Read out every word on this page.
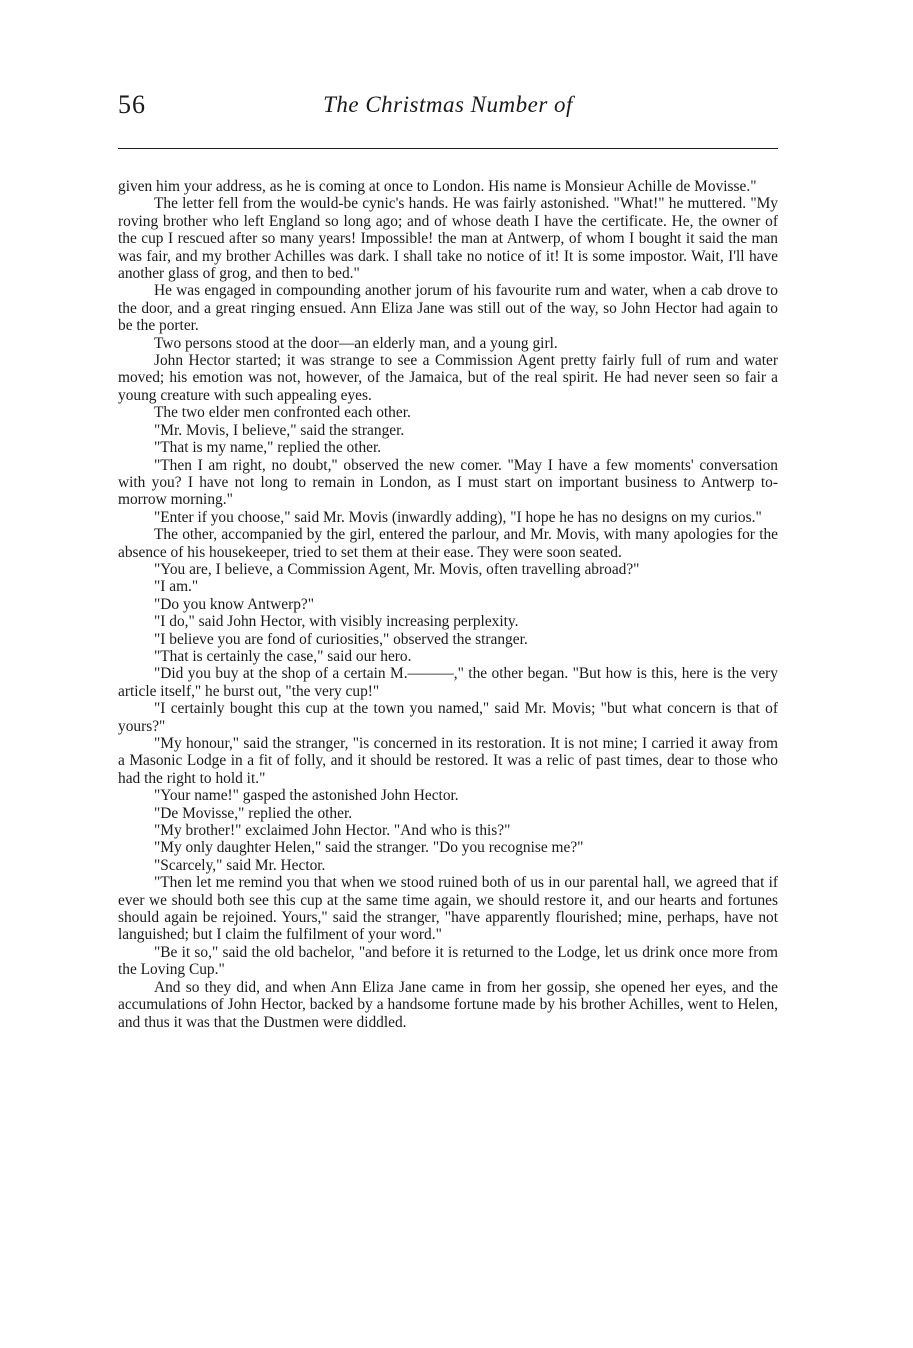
56	The Christmas Number of

given him your address, as he is coming at once to London. His name is Monsieur Achille de Movisse."

The letter fell from the would-be cynic's hands. He was fairly astonished. "What!" he muttered. "My roving brother who left England so long ago; and of whose death I have the certificate. He, the owner of the cup I rescued after so many years! Impossible! the man at Antwerp, of whom I bought it said the man was fair, and my brother Achilles was dark. I shall take no notice of it! It is some impostor. Wait, I'll have another glass of grog, and then to bed."

He was engaged in compounding another jorum of his favourite rum and water, when a cab drove to the door, and a great ringing ensued. Ann Eliza Jane was still out of the way, so John Hector had again to be the porter.

Two persons stood at the door—an elderly man, and a young girl.

John Hector started; it was strange to see a Commission Agent pretty fairly full of rum and water moved; his emotion was not, however, of the Jamaica, but of the real spirit. He had never seen so fair a young creature with such appealing eyes.

The two elder men confronted each other.

"Mr. Movis, I believe," said the stranger.

"That is my name," replied the other.

"Then I am right, no doubt," observed the new comer. "May I have a few moments' conversation with you? I have not long to remain in London, as I must start on important business to Antwerp to-morrow morning."

"Enter if you choose," said Mr. Movis (inwardly adding), "I hope he has no designs on my curios."

The other, accompanied by the girl, entered the parlour, and Mr. Movis, with many apologies for the absence of his housekeeper, tried to set them at their ease. They were soon seated.

"You are, I believe, a Commission Agent, Mr. Movis, often travelling abroad?"

"I am."

"Do you know Antwerp?"

"I do," said John Hector, with visibly increasing perplexity.

"I believe you are fond of curiosities," observed the stranger.

"That is certainly the case," said our hero.

"Did you buy at the shop of a certain M.———," the other began. "But how is this, here is the very article itself," he burst out, "the very cup!"

"I certainly bought this cup at the town you named," said Mr. Movis; "but what concern is that of yours?"

"My honour," said the stranger, "is concerned in its restoration. It is not mine; I carried it away from a Masonic Lodge in a fit of folly, and it should be restored. It was a relic of past times, dear to those who had the right to hold it."

"Your name!" gasped the astonished John Hector.

"De Movisse," replied the other.

"My brother!" exclaimed John Hector. "And who is this?"

"My only daughter Helen," said the stranger. "Do you recognise me?"

"Scarcely," said Mr. Hector.

"Then let me remind you that when we stood ruined both of us in our parental hall, we agreed that if ever we should both see this cup at the same time again, we should restore it, and our hearts and fortunes should again be rejoined. Yours," said the stranger, "have apparently flourished; mine, perhaps, have not languished; but I claim the fulfilment of your word."

"Be it so," said the old bachelor, "and before it is returned to the Lodge, let us drink once more from the Loving Cup."

And so they did, and when Ann Eliza Jane came in from her gossip, she opened her eyes, and the accumulations of John Hector, backed by a handsome fortune made by his brother Achilles, went to Helen, and thus it was that the Dustmen were diddled.
